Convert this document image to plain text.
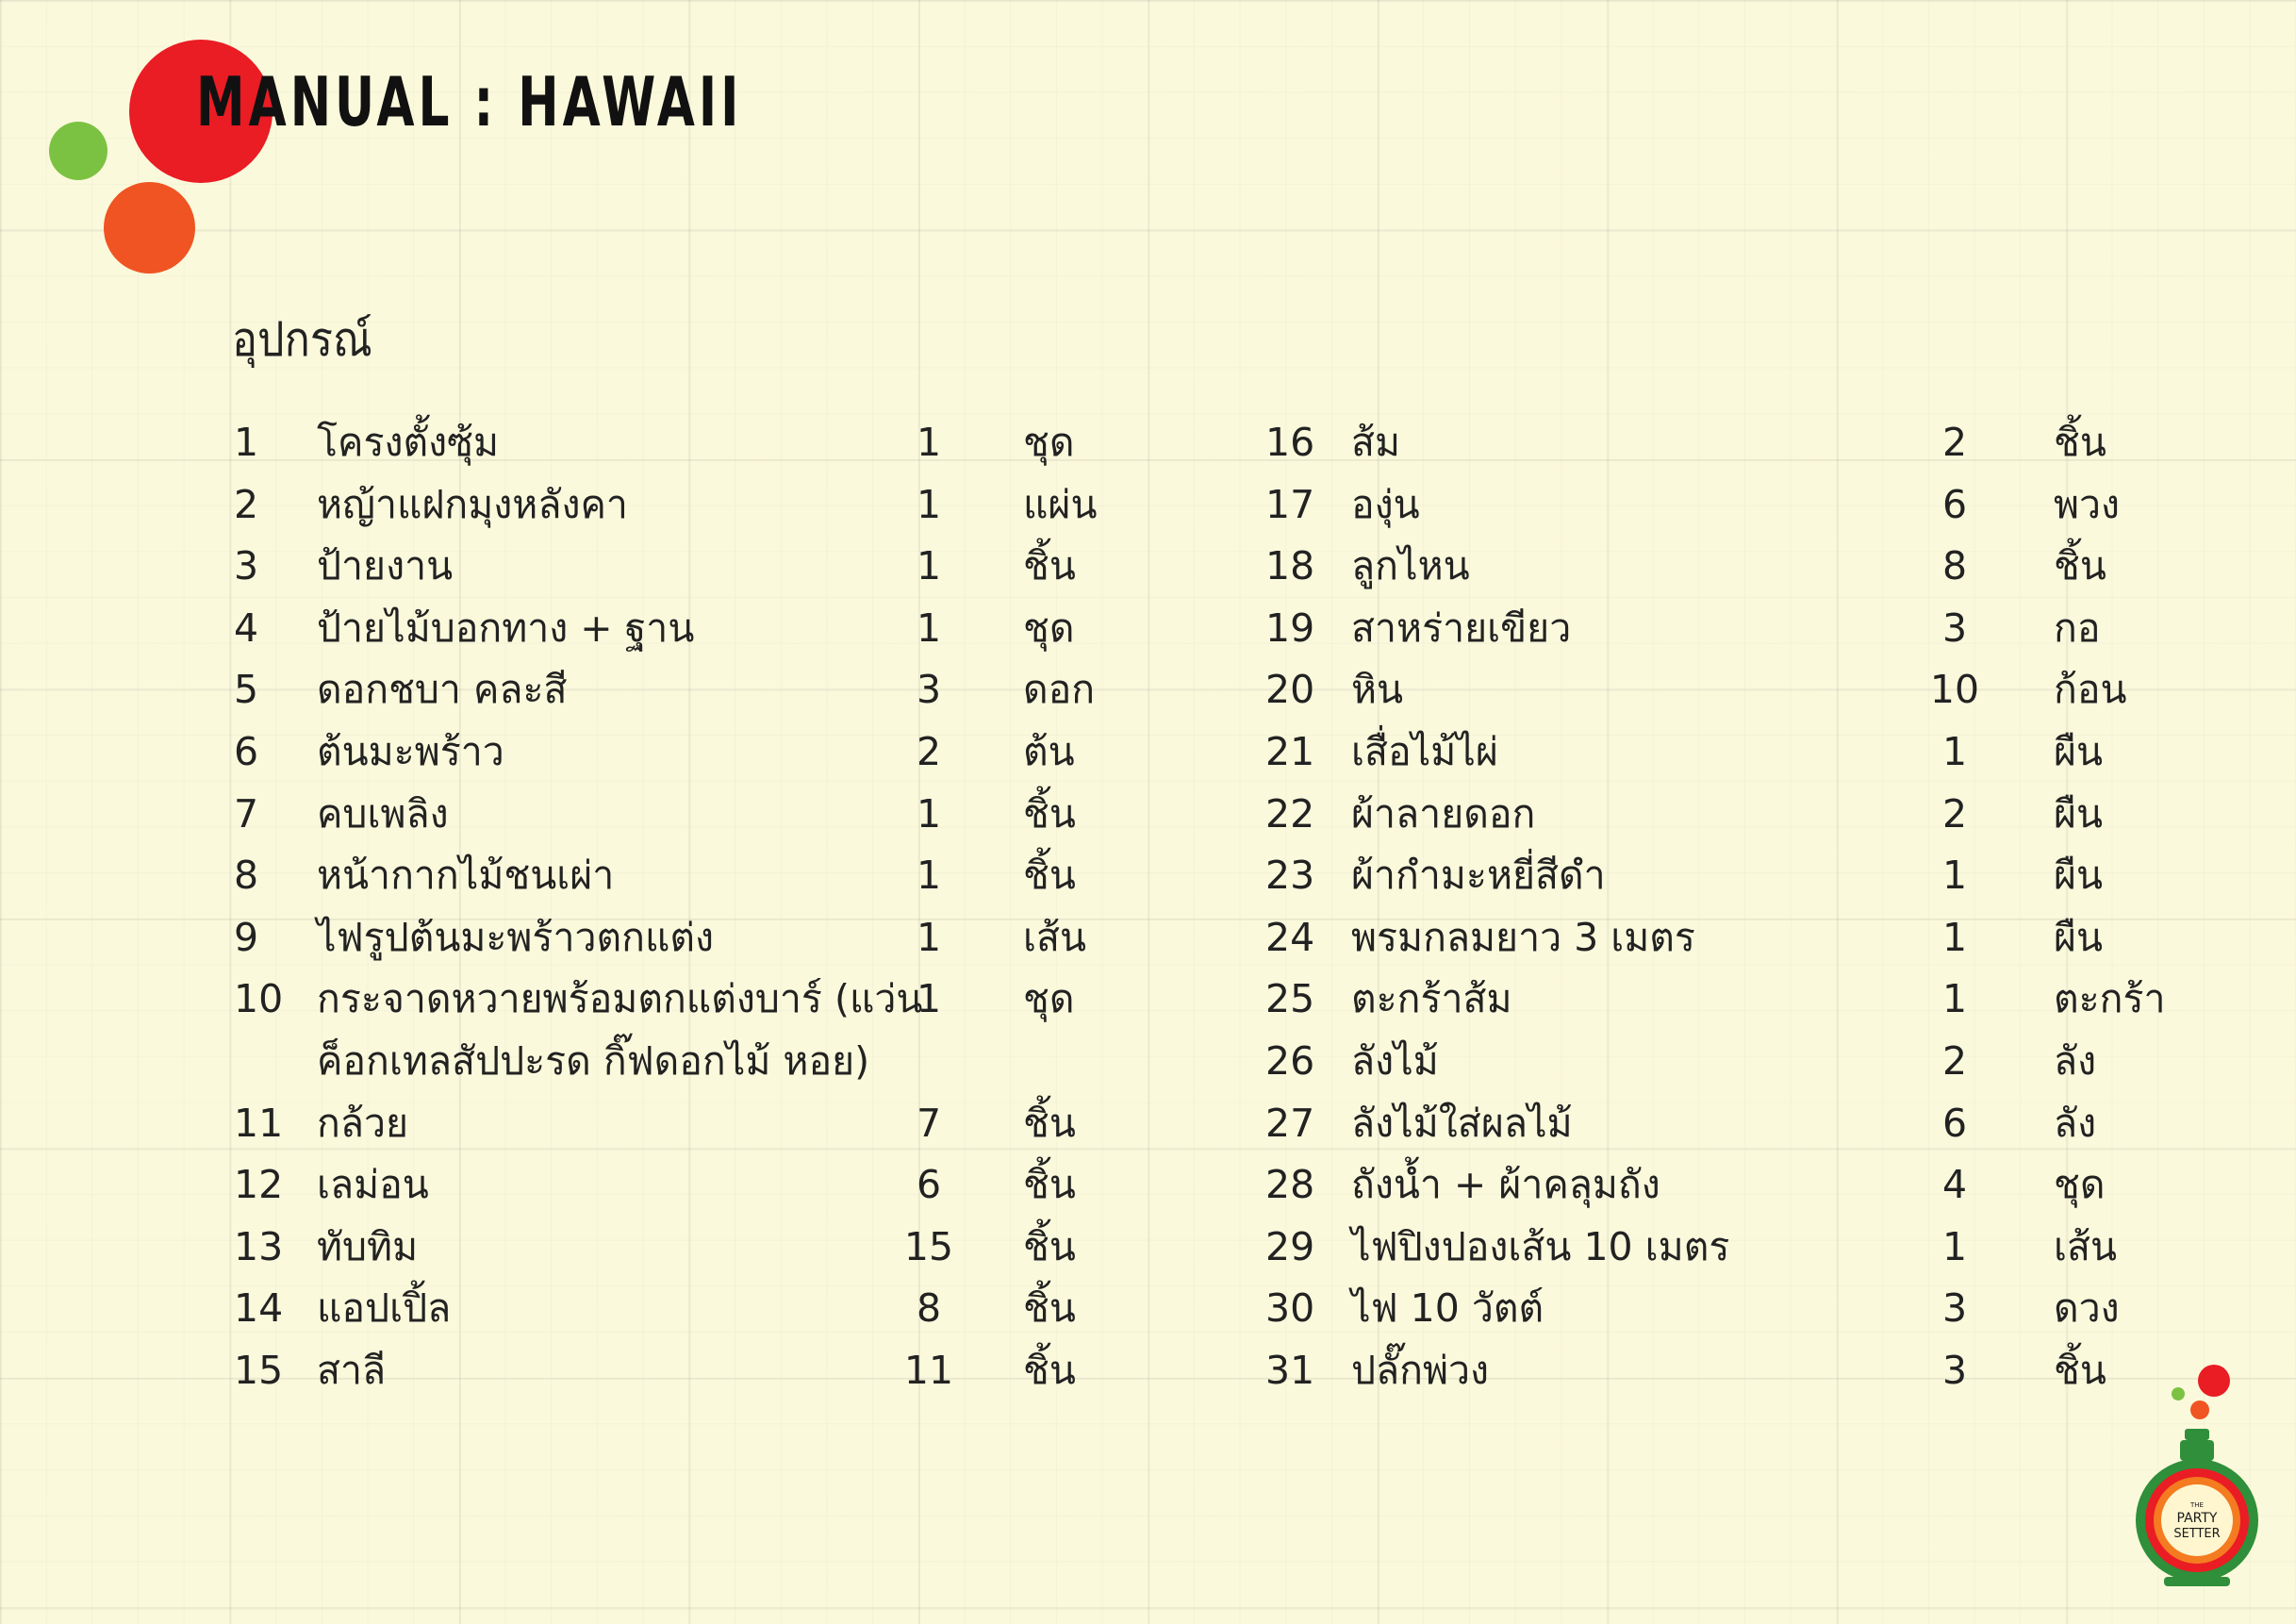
MANUAL : HAWAII
อุปกรณ์
1 โครงตั้งซุ้ม	1	ชุด
2 หญ้าแฝกมุงหลังคา	1	แผ่น
3 ป้ายงาน	1	ชิ้น
4 ป้ายไม้บอกทาง + ฐาน	1	ชุด
5 ดอกชบา คละสี	3	ดอก
6 ต้นมะพร้าว	2	ต้น
7 คบเพลิง	1	ชิ้น
8 หน้ากากไม้ชนเผ่า	1	ชิ้น
9 ไฟรูปต้นมะพร้าวตกแต่ง	1	เส้น
10 กระจาดหวายพร้อมตกแต่งบาร์ (แว่น
1	ชุด
ค็อกเทลสัปปะรด กิ๊ฟดอกไม้ หอย)
11 กล้วย	7	ชิ้น
12 เลม่อน	6	ชิ้น
13 ทับทิม	15	ชิ้น
14 แอปเปิ้ล	8	ชิ้น
15 สาลี	11	ชิ้น
16 ส้ม	2	ชิ้น
17 องุ่น	6	พวง
18 ลูกไหน	8	ชิ้น
19 สาหร่ายเขียว	3	กอ
20 หิน	10	ก้อน
21 เสื่อไม้ไผ่	1	ผืน
22 ผ้าลายดอก	2	ผืน
23 ผ้ากำมะหยี่สีดำ	1	ผืน
24 พรมกลมยาว 3 เมตร	1	ผืน
25 ตะกร้าส้ม	1	ตะกร้า
26 ลังไม้	2	ลัง
27 ลังไม้ใส่ผลไม้	6	ลัง
28 ถังน้ำ + ผ้าคลุมถัง	4	ชุด
29 ไฟปิงปองเส้น 10 เมตร	1	เส้น
30 ไฟ 10 วัตต์	3	ดวง
31 ปลั๊กพ่วง	3	ชิ้น
THE
PARTY
SETTER
